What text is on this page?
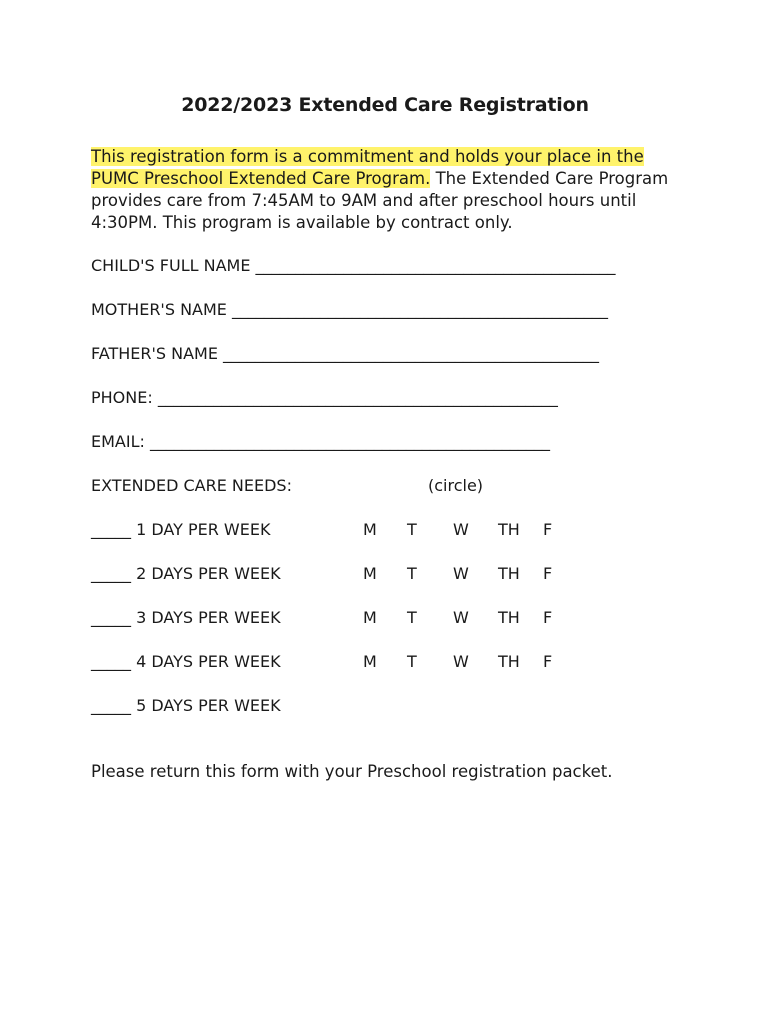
2022/2023 Extended Care Registration
This registration form is a commitment and holds your place in the PUMC Preschool Extended Care Program. The Extended Care Program provides care from 7:45AM to 9AM and after preschool hours until 4:30PM. This program is available by contract only.
CHILD'S FULL NAME _____________________________________________
MOTHER'S NAME _______________________________________________
FATHER'S NAME _______________________________________________
PHONE: __________________________________________________
EMAIL: __________________________________________________
EXTENDED CARE NEEDS:	(circle)
_____ 1 DAY PER WEEK	M T W TH F
_____ 2 DAYS PER WEEK	M T W TH F
_____ 3 DAYS PER WEEK	M T W TH F
_____ 4 DAYS PER WEEK	M T W TH F
_____ 5 DAYS PER WEEK
Please return this form with your Preschool registration packet.
